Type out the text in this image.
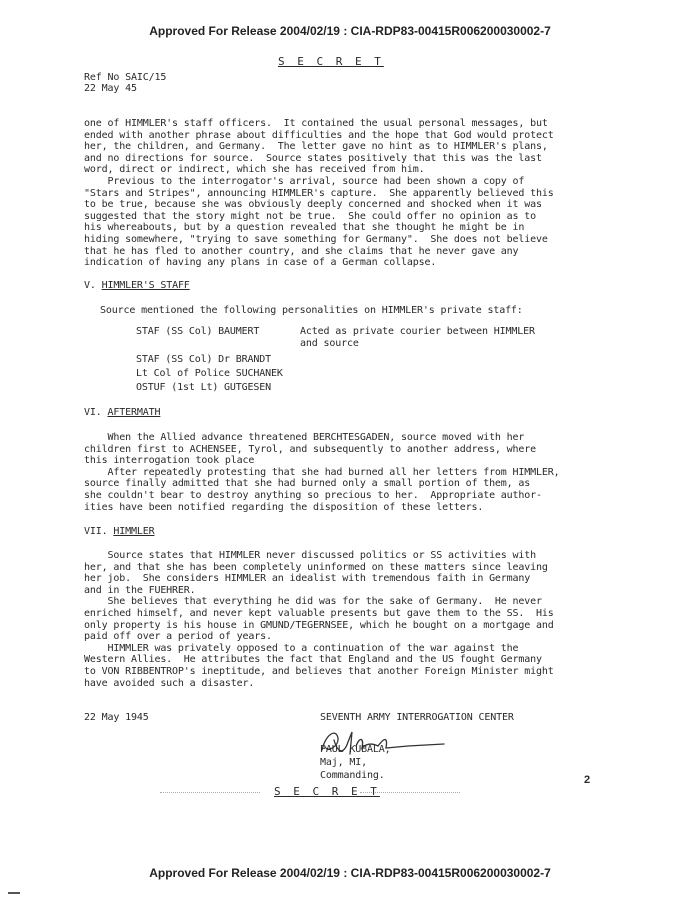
Approved For Release 2004/02/19 : CIA-RDP83-00415R006200030002-7
S E C R E T
Ref No SAIC/15
22 May 45
one of HIMMLER's staff officers.  It contained the usual personal messages, but
ended with another phrase about difficulties and the hope that God would protect
her, the children, and Germany.  The letter gave no hint as to HIMMLER's plans,
and no directions for source.  Source states positively that this was the last
word, direct or indirect, which she has received from him.
Previous to the interrogator's arrival, source had been shown a copy of
"Stars and Stripes", announcing HIMMLER's capture.  She apparently believed this
to be true, because she was obviously deeply concerned and shocked when it was
suggested that the story might not be true.  She could offer no opinion as to
his whereabouts, but by a question revealed that she thought he might be in
hiding somewhere, "trying to save something for Germany".  She does not believe
that he has fled to another country, and she claims that he never gave any
indication of having any plans in case of a German collapse.
V. HIMMLER'S STAFF
Source mentioned the following personalities on HIMMLER's private staff:
STAF (SS Col) BAUMERT	Acted as private courier between HIMMLER
and source
STAF (SS Col) Dr BRANDT
Lt Col of Police SUCHANEK
OSTUF (1st Lt) GUTGESEN
VI. AFTERMATH
When the Allied advance threatened BERCHTESGADEN, source moved with her
children first to ACHENSEE, Tyrol, and subsequently to another address, where
this interrogation took place
After repeatedly protesting that she had burned all her letters from HIMMLER,
source finally admitted that she had burned only a small portion of them, as
she couldn't bear to destroy anything so precious to her.  Appropriate author-
ities have been notified regarding the disposition of these letters.
VII. HIMMLER
Source states that HIMMLER never discussed politics or SS activities with
her, and that she has been completely uninformed on these matters since leaving
her job.  She considers HIMMLER an idealist with tremendous faith in Germany
and in the FUEHRER.
She believes that everything he did was for the sake of Germany.  He never
enriched himself, and never kept valuable presents but gave them to the SS.  His
only property is his house in GMUND/TEGERNSEE, which he bought on a mortgage and
paid off over a period of years.
HIMMLER was privately opposed to a continuation of the war against the
Western Allies.  He attributes the fact that England and the US fought Germany
to VON RIBBENTROP's ineptitude, and believes that another Foreign Minister might
have avoided such a disaster.
22 May 1945	SEVENTH ARMY INTERROGATION CENTER
PAUL KUBALA,
Maj, MI,
Commanding.	2
S E C R E T
Approved For Release 2004/02/19 : CIA-RDP83-00415R006200030002-7
